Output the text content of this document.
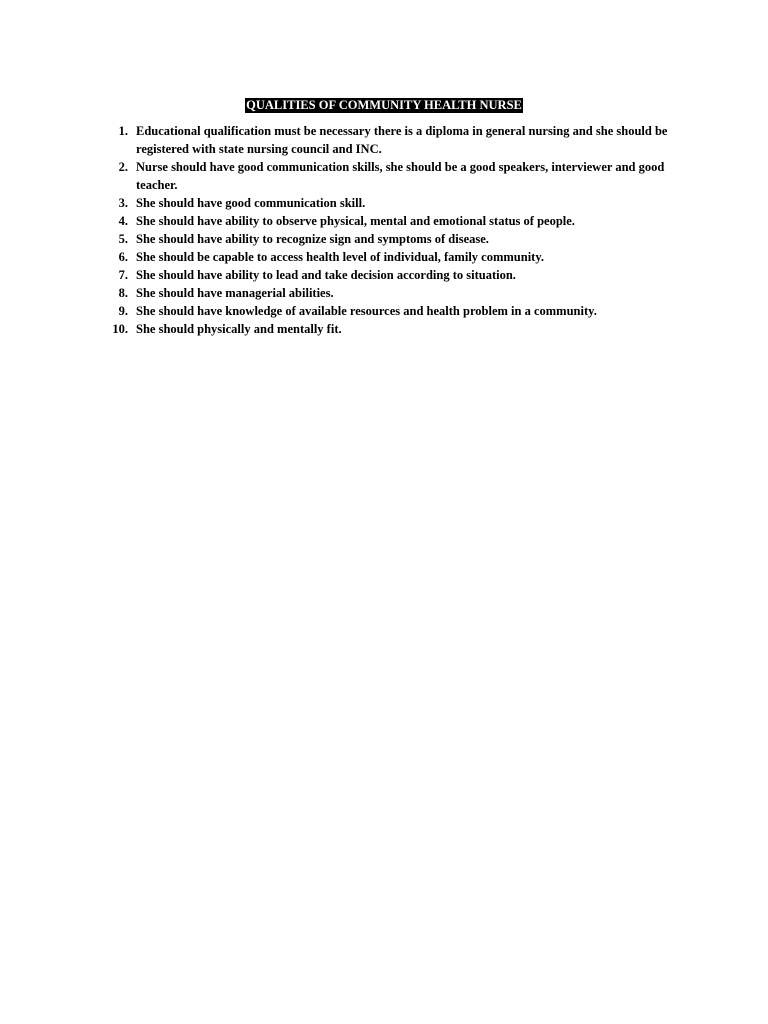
QUALITIES OF COMMUNITY HEALTH NURSE
1. Educational qualification must be necessary there is a diploma in general nursing and she should be registered with state nursing council and INC.
2. Nurse should have good communication skills, she should be a good speakers, interviewer and good teacher.
3. She should have good communication skill.
4. She should have ability to observe physical, mental and emotional status of people.
5. She should have ability to recognize sign and symptoms of disease.
6. She should be capable to access health level of individual, family community.
7. She should have ability to lead and take decision according to situation.
8. She should have managerial abilities.
9. She should have knowledge of available resources and health problem in a community.
10. She should physically and mentally fit.
